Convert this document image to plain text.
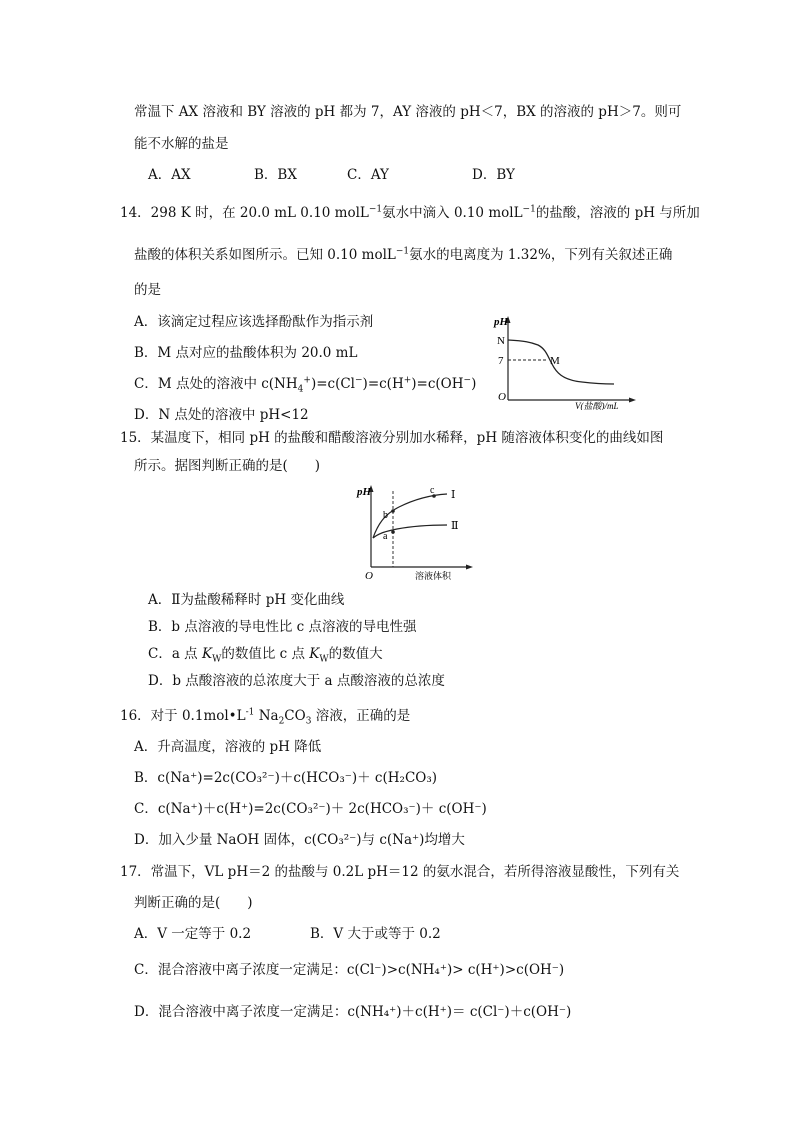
常温下 AX 溶液和 BY 溶液的 pH 都为 7，AY 溶液的 pH＜7，BX 的溶液的 pH＞7。则可
能不水解的盐是
A．AX	B．BX	C．AY	D．BY
14．298 K 时，在 20.0 mL 0.10 molL$^{-1}$氨水中滴入 0.10 molL$^{-1}$的盐酸，溶液的 pH 与所加
盐酸的体积关系如图所示。已知 0.10 molL$^{-1}$氨水的电离度为 1.32%，下列有关叙述正确
的是
A．该滴定过程应该选择酚酞作为指示剂
B．M 点对应的盐酸体积为 20.0 mL
C．M 点处的溶液中 $c(NH_4^+)=c(Cl^-)=c(H^+)=c(OH^-)$
D．N 点处的溶液中 pH<12
pH
N
7	M
O
V(盐酸)/mL
15．某温度下，相同 pH 的盐酸和醋酸溶液分别加水稀释，pH 随溶液体积变化的曲线如图
所示。据图判断正确的是(　　)
pH
b
a
c Ⅰ
Ⅱ
O	溶液体积
A．Ⅱ为盐酸稀释时 pH 变化曲线
B．b 点溶液的导电性比 c 点溶液的导电性强
C．a 点 $K_W$的数值比 c 点 $K_W$的数值大
D．b 点酸溶液的总浓度大于 a 点酸溶液的总浓度
16．对于 $0.1mol•L^{-1}$ $Na_2CO_3$ 溶液，正确的是
A．升高温度，溶液的 pH 降低
B．c(Na⁺)=2c(CO₃²⁻)＋c(HCO₃⁻)＋ c(H₂CO₃)
C．c(Na⁺)＋c(H⁺)=2c(CO₃²⁻)＋ 2c(HCO₃⁻)＋ c(OH⁻)
D．加入少量 NaOH 固体，c(CO₃²⁻)与 c(Na⁺)均增大
17．常温下，VL pH＝2 的盐酸与 0.2L pH＝12 的氨水混合，若所得溶液显酸性，下列有关
判断正确的是(　　)
A．V 一定等于 0.2	B．V 大于或等于 0.2
C．混合溶液中离子浓度一定满足：c(Cl⁻)>c(NH₄⁺)> c(H⁺)>c(OH⁻)
D．混合溶液中离子浓度一定满足：c(NH₄⁺)＋c(H⁺)＝ c(Cl⁻)＋c(OH⁻)
